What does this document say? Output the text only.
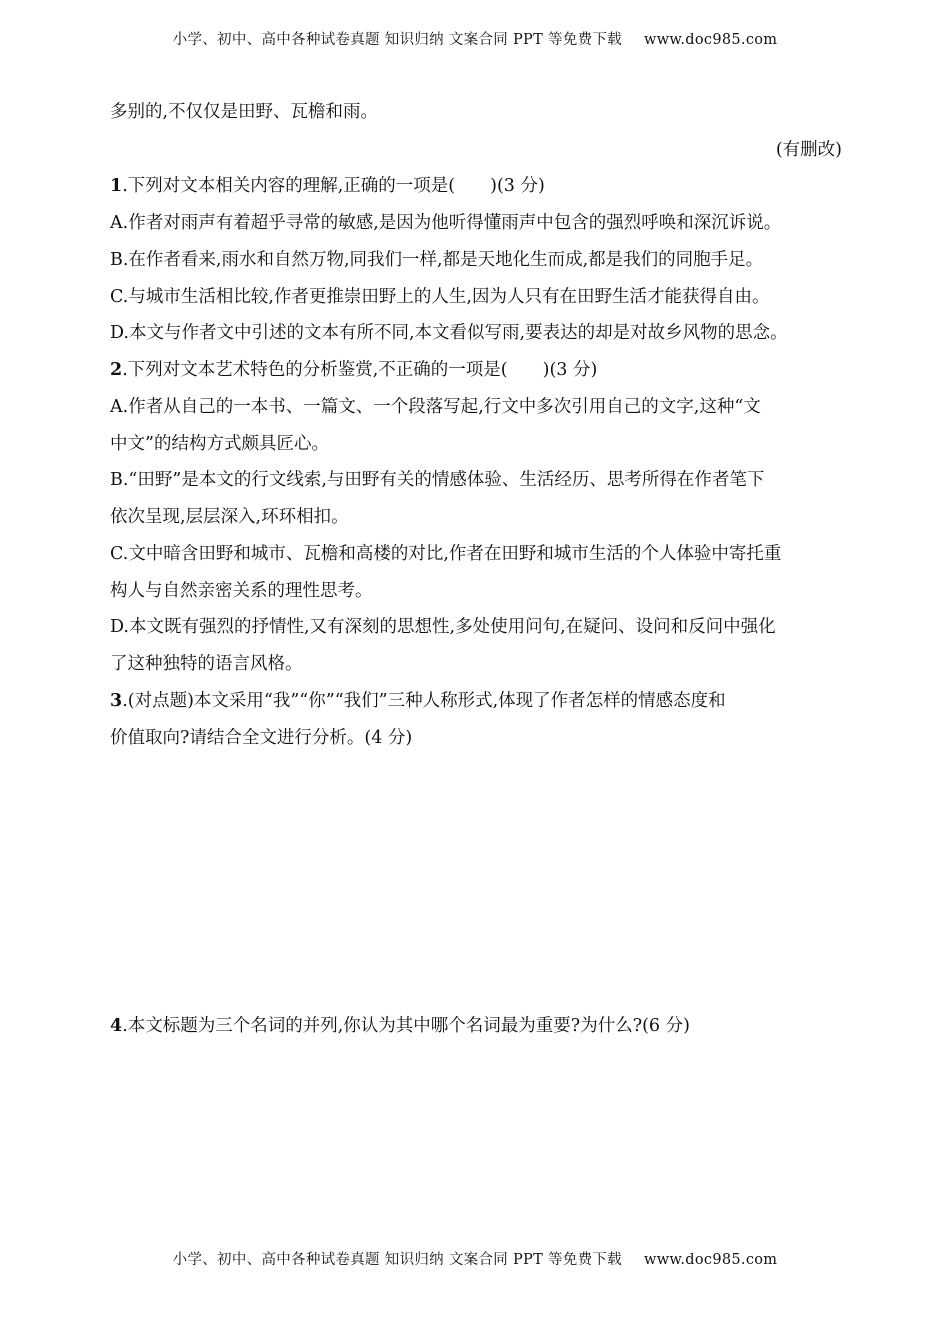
小学、初中、高中各种试卷真题 知识归纳 文案合同 PPT 等免费下载 www.doc985.com
多别的,不仅仅是田野、瓦檐和雨。
(有删改)
1.下列对文本相关内容的理解,正确的一项是(　　)(3 分)
A.作者对雨声有着超乎寻常的敏感,是因为他听得懂雨声中包含的强烈呼唤和深沉诉说。
B.在作者看来,雨水和自然万物,同我们一样,都是天地化生而成,都是我们的同胞手足。
C.与城市生活相比较,作者更推崇田野上的人生,因为人只有在田野生活才能获得自由。
D.本文与作者文中引述的文本有所不同,本文看似写雨,要表达的却是对故乡风物的思念。
2.下列对文本艺术特色的分析鉴赏,不正确的一项是(　　)(3 分)
A.作者从自己的一本书、一篇文、一个段落写起,行文中多次引用自己的文字,这种“文
中文”的结构方式颇具匠心。
B.“田野”是本文的行文线索,与田野有关的情感体验、生活经历、思考所得在作者笔下
依次呈现,层层深入,环环相扣。
C.文中暗含田野和城市、瓦檐和高楼的对比,作者在田野和城市生活的个人体验中寄托重
构人与自然亲密关系的理性思考。
D.本文既有强烈的抒情性,又有深刻的思想性,多处使用问句,在疑问、设问和反问中强化
了这种独特的语言风格。
3.(对点题)本文采用“我”“你”“我们”三种人称形式,体现了作者怎样的情感态度和
价值取向?请结合全文进行分析。(4 分)
4.本文标题为三个名词的并列,你认为其中哪个名词最为重要?为什么?(6 分)
小学、初中、高中各种试卷真题 知识归纳 文案合同 PPT 等免费下载 www.doc985.com
